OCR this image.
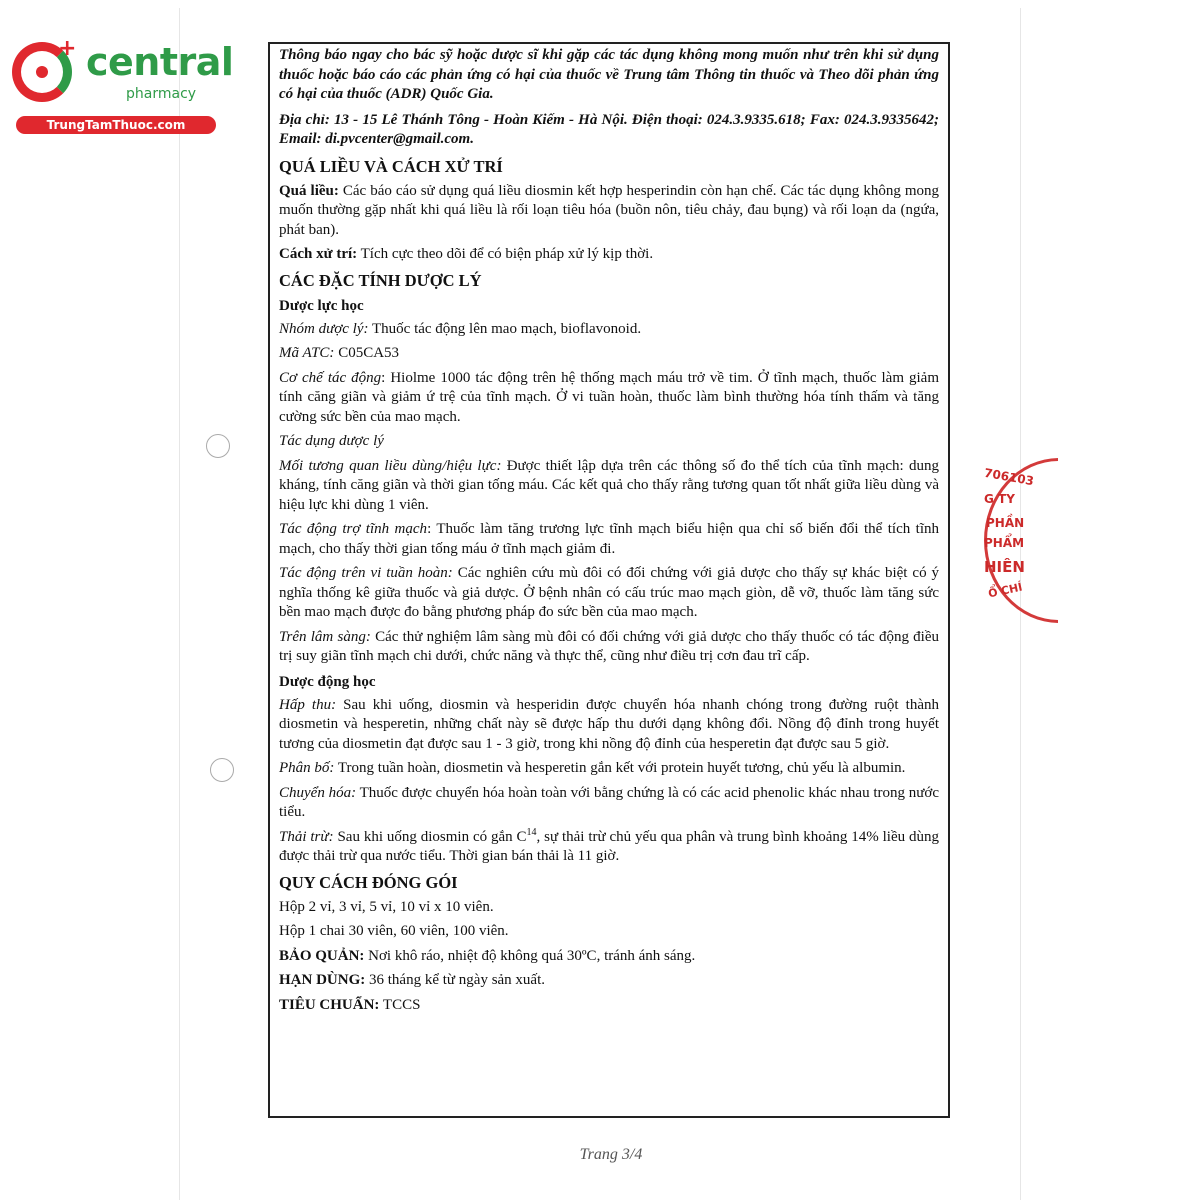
+ central
pharmacy
TrungTamThuoc.com
706103
G TY
PHẦN
PHẨM
HIÊN
Ổ CHÍ

Thông báo ngay cho bác sỹ hoặc dược sĩ khi gặp các tác dụng không mong muốn như trên khi sử dụng thuốc hoặc báo cáo các phản ứng có hại của thuốc về Trung tâm Thông tin thuốc và Theo dõi phản ứng có hại của thuốc (ADR) Quốc Gia.

Địa chỉ: 13 - 15 Lê Thánh Tông - Hoàn Kiếm - Hà Nội. Điện thoại: 024.3.9335.618; Fax: 024.3.9335642; Email: di.pvcenter@gmail.com.

QUÁ LIỀU VÀ CÁCH XỬ TRÍ

Quá liều: Các báo cáo sử dụng quá liều diosmin kết hợp hesperindin còn hạn chế. Các tác dụng không mong muốn thường gặp nhất khi quá liều là rối loạn tiêu hóa (buồn nôn, tiêu chảy, đau bụng) và rối loạn da (ngứa, phát ban).

Cách xử trí: Tích cực theo dõi để có biện pháp xử lý kịp thời.

CÁC ĐẶC TÍNH DƯỢC LÝ
Dược lực học

Nhóm dược lý: Thuốc tác động lên mao mạch, bioflavonoid.

Mã ATC: C05CA53

Cơ chế tác động: Hiolme 1000 tác động trên hệ thống mạch máu trở về tim. Ở tĩnh mạch, thuốc làm giảm tính căng giãn và giảm ứ trệ của tĩnh mạch. Ở vi tuần hoàn, thuốc làm bình thường hóa tính thấm và tăng cường sức bền của mao mạch.

Tác dụng dược lý

Mối tương quan liều dùng/hiệu lực: Được thiết lập dựa trên các thông số đo thể tích của tĩnh mạch: dung kháng, tính căng giãn và thời gian tống máu. Các kết quả cho thấy rằng tương quan tốt nhất giữa liều dùng và hiệu lực khi dùng 1 viên.

Tác động trợ tĩnh mạch: Thuốc làm tăng trương lực tĩnh mạch biểu hiện qua chỉ số biến đổi thể tích tĩnh mạch, cho thấy thời gian tống máu ở tĩnh mạch giảm đi.

Tác động trên vi tuần hoàn: Các nghiên cứu mù đôi có đối chứng với giả dược cho thấy sự khác biệt có ý nghĩa thống kê giữa thuốc và giả dược. Ở bệnh nhân có cấu trúc mao mạch giòn, dễ vỡ, thuốc làm tăng sức bền mao mạch được đo bằng phương pháp đo sức bền của mao mạch.

Trên lâm sàng: Các thử nghiệm lâm sàng mù đôi có đối chứng với giả dược cho thấy thuốc có tác động điều trị suy giãn tĩnh mạch chi dưới, chức năng và thực thể, cũng như điều trị cơn đau trĩ cấp.

Dược động học

Hấp thu: Sau khi uống, diosmin và hesperidin được chuyển hóa nhanh chóng trong đường ruột thành diosmetin và hesperetin, những chất này sẽ được hấp thu dưới dạng không đổi. Nồng độ đỉnh trong huyết tương của diosmetin đạt được sau 1 - 3 giờ, trong khi nồng độ đỉnh của hesperetin đạt được sau 5 giờ.

Phân bố: Trong tuần hoàn, diosmetin và hesperetin gắn kết với protein huyết tương, chủ yếu là albumin.

Chuyển hóa: Thuốc được chuyển hóa hoàn toàn với bằng chứng là có các acid phenolic khác nhau trong nước tiểu.

Thải trừ: Sau khi uống diosmin có gắn $C^{14}$, sự thải trừ chủ yếu qua phân và trung bình khoảng 14% liều dùng được thải trừ qua nước tiểu. Thời gian bán thải là 11 giờ.

QUY CÁCH ĐÓNG GÓI

Hộp 2 vỉ, 3 vỉ, 5 vỉ, 10 vỉ x 10 viên.

Hộp 1 chai 30 viên, 60 viên, 100 viên.

BẢO QUẢN: Nơi khô ráo, nhiệt độ không quá 30ºC, tránh ánh sáng.

HẠN DÙNG: 36 tháng kể từ ngày sản xuất.

TIÊU CHUẨN: TCCS

Trang 3/4
